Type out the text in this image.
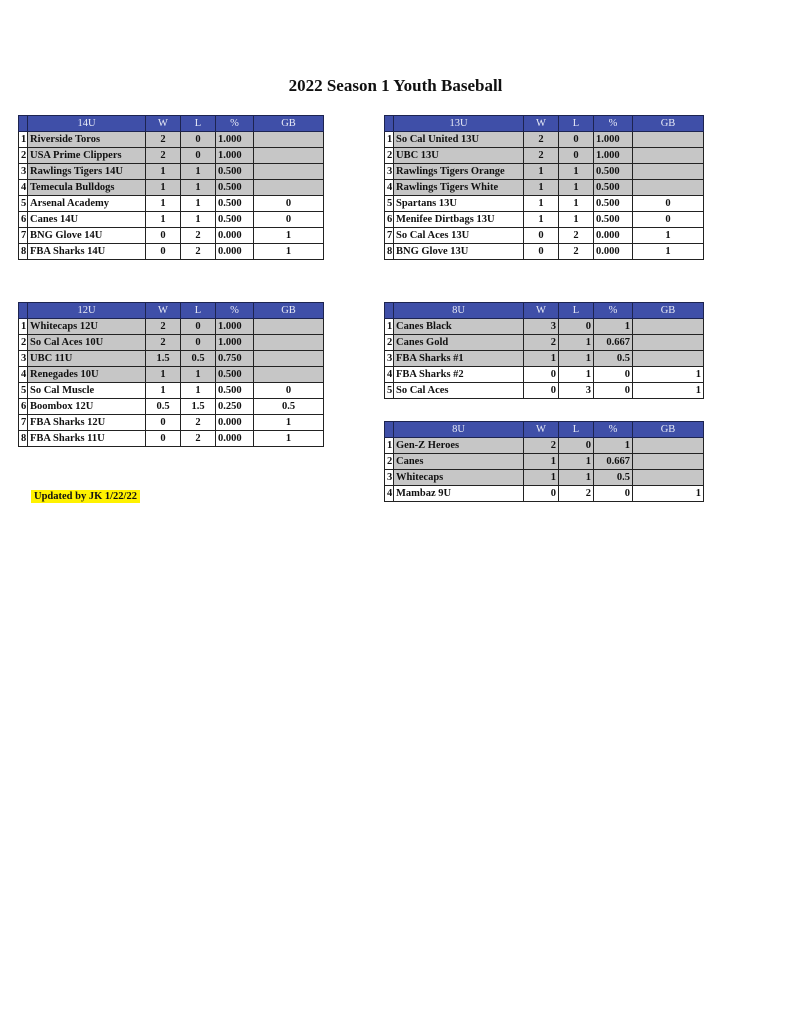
2022 Season 1 Youth Baseball
	14U	W	L	%	GB
1	Riverside Toros	2	0	1.000	
2	USA Prime Clippers	2	0	1.000	
3	Rawlings Tigers 14U	1	1	0.500	
4	Temecula Bulldogs	1	1	0.500	
5	Arsenal Academy	1	1	0.500	0
6	Canes 14U	1	1	0.500	0
7	BNG Glove 14U	0	2	0.000	1
8	FBA Sharks 14U	0	2	0.000	1
	13U	W	L	%	GB
1	So Cal United 13U	2	0	1.000	
2	UBC 13U	2	0	1.000	
3	Rawlings Tigers Orange	1	1	0.500	
4	Rawlings Tigers White	1	1	0.500	
5	Spartans 13U	1	1	0.500	0
6	Menifee Dirtbags 13U	1	1	0.500	0
7	So Cal Aces 13U	0	2	0.000	1
8	BNG Glove 13U	0	2	0.000	1
	12U	W	L	%	GB
1	Whitecaps 12U	2	0	1.000	
2	So Cal Aces 10U	2	0	1.000	
3	UBC 11U	1.5	0.5	0.750	
4	Renegades 10U	1	1	0.500	
5	So Cal Muscle	1	1	0.500	0
6	Boombox 12U	0.5	1.5	0.250	0.5
7	FBA Sharks 12U	0	2	0.000	1
8	FBA Sharks 11U	0	2	0.000	1
	8U	W	L	%	GB
1	Canes Black	3	0	1	
2	Canes Gold	2	1	0.667	
3	FBA Sharks #1	1	1	0.5	
4	FBA Sharks #2	0	1	0	1
5	So Cal Aces	0	3	0	1
	8U	W	L	%	GB
1	Gen-Z Heroes	2	0	1	
2	Canes	1	1	0.667	
3	Whitecaps	1	1	0.5	
4	Mambaz 9U	0	2	0	1
Updated by JK 1/22/22
